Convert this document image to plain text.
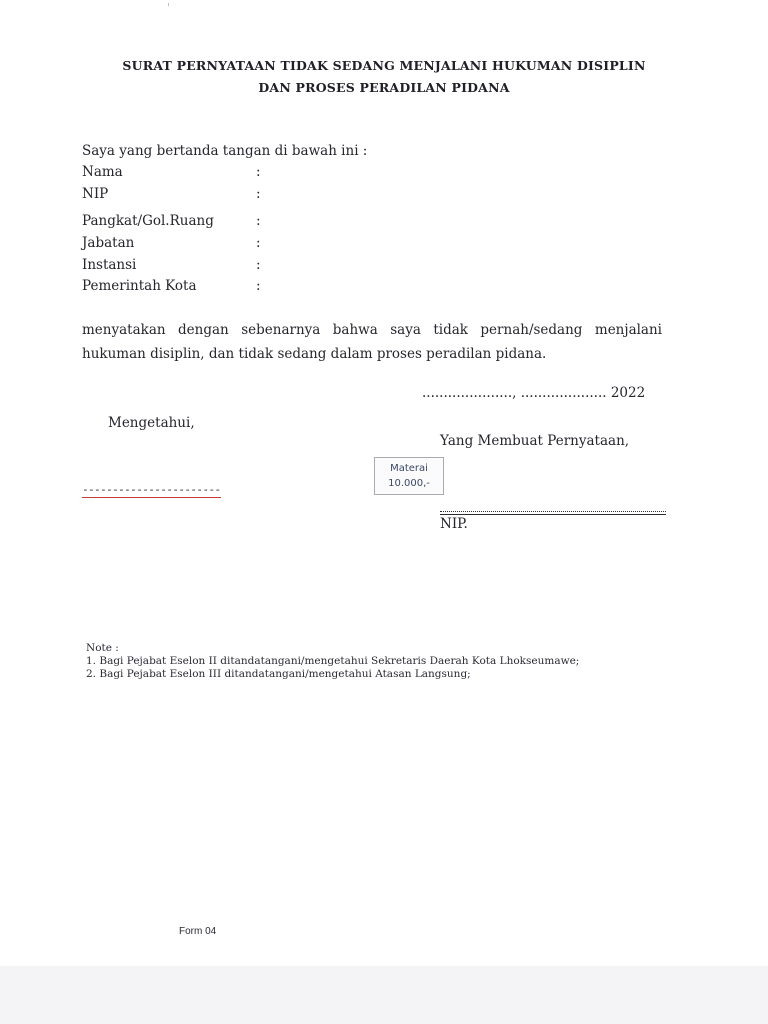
SURAT PERNYATAAN TIDAK SEDANG MENJALANI HUKUMAN DISIPLIN
DAN PROSES PERADILAN PIDANA
Saya yang bertanda tangan di bawah ini :
Nama	:
NIP	:
Pangkat/Gol.Ruang	:
Jabatan	:
Instansi	:
Pemerintah Kota	:
menyatakan dengan sebenarnya bahwa saya tidak pernah/sedang menjalani
hukuman disiplin, dan tidak sedang dalam proses peradilan pidana.
....................., .................... 2022
Mengetahui,
Yang Membuat Pernyataan,
Materai
10.000,-
-----------------------
NIP.
Note :
1. Bagi Pejabat Eselon II ditandatangani/mengetahui Sekretaris Daerah Kota Lhokseumawe;
2. Bagi Pejabat Eselon III ditandatangani/mengetahui Atasan Langsung;
Form 04
